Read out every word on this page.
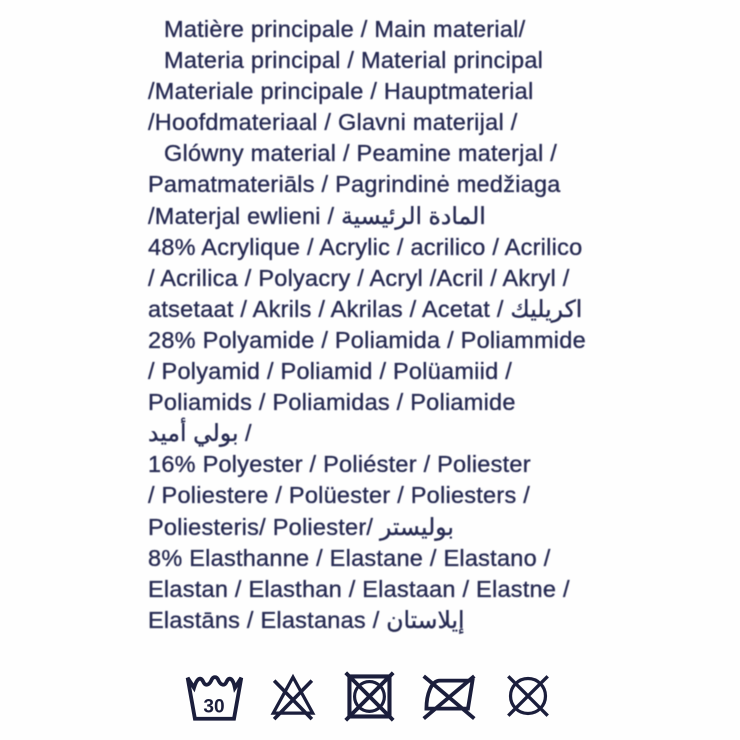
Matière principale / Main material/
Materia principal / Material principal
/Materiale principale / Hauptmaterial
/Hoofdmateriaal / Glavni materijal /
Glówny material / Peamine materjal /
Pamatmateriāls / Pagrindinė medžiaga
/Materjal ewlieni / المادة الرئيسية
48% Acrylique / Acrylic / acrilico / Acrilico
/ Acrilica / Polyacry / Acryl /Acril / Akryl /
atsetaat / Akrils / Akrilas / Acetat / اكريليك
28% Polyamide / Poliamida / Poliammide
/ Polyamid / Poliamid / Polüamiid /
Poliamids / Poliamidas / Poliamide
بولي أميد /
16% Polyester / Poliéster / Poliester
/ Poliestere / Polüester / Poliesters /
Poliesteris/ Poliester/ بوليستر
8% Elasthanne / Elastane / Elastano /
Elastan / Elasthan / Elastaan / Elastne /
Elastāns / Elastanas / إيلاستان
30
